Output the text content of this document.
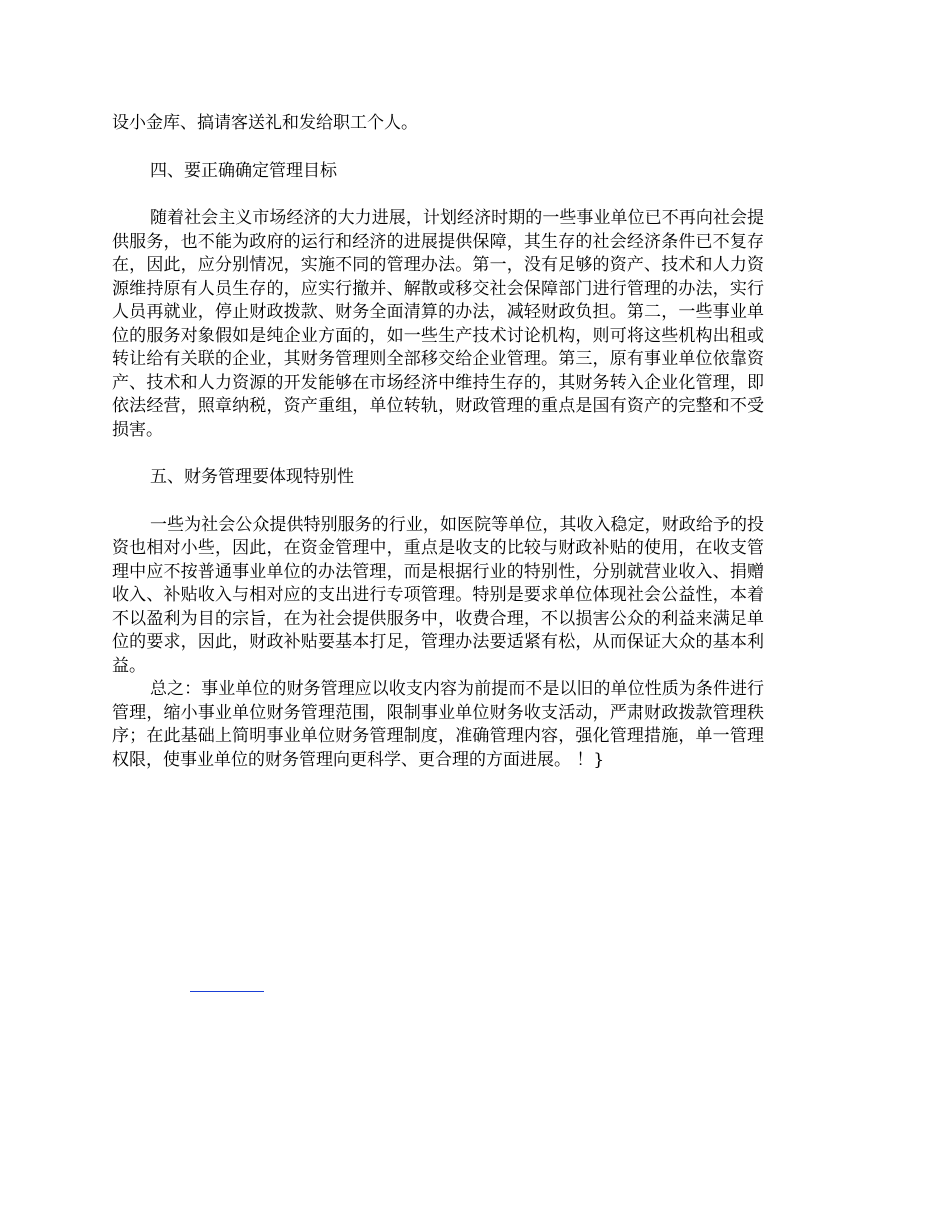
设小金库、搞请客送礼和发给职工个人。

四、要正确确定管理目标

随着社会主义市场经济的大力进展，计划经济时期的一些事业单位已不再向社会提供服务，也不能为政府的运行和经济的进展提供保障，其生存的社会经济条件已不复存在，因此，应分别情况，实施不同的管理办法。第一，没有足够的资产、技术和人力资源维持原有人员生存的，应实行撤并、解散或移交社会保障部门进行管理的办法，实行人员再就业，停止财政拨款、财务全面清算的办法，减轻财政负担。第二，一些事业单位的服务对象假如是纯企业方面的，如一些生产技术讨论机构，则可将这些机构出租或转让给有关联的企业，其财务管理则全部移交给企业管理。第三，原有事业单位依靠资产、技术和人力资源的开发能够在市场经济中维持生存的，其财务转入企业化管理，即依法经营，照章纳税，资产重组，单位转轨，财政管理的重点是国有资产的完整和不受损害。

五、财务管理要体现特别性

一些为社会公众提供特别服务的行业，如医院等单位，其收入稳定，财政给予的投资也相对小些，因此，在资金管理中，重点是收支的比较与财政补贴的使用，在收支管理中应不按普通事业单位的办法管理，而是根据行业的特别性，分别就营业收入、捐赠收入、补贴收入与相对应的支出进行专项管理。特别是要求单位体现社会公益性，本着不以盈利为目的宗旨，在为社会提供服务中，收费合理，不以损害公众的利益来满足单位的要求，因此，财政补贴要基本打足，管理办法要适紧有松，从而保证大众的基本利益。

总之：事业单位的财务管理应以收支内容为前提而不是以旧的单位性质为条件进行管理，缩小事业单位财务管理范围，限制事业单位财务收支活动，严肃财政拨款管理秩序；在此基础上简明事业单位财务管理制度，准确管理内容，强化管理措施，单一管理权限，使事业单位的财务管理向更科学、更合理的方面进展。 ！}
